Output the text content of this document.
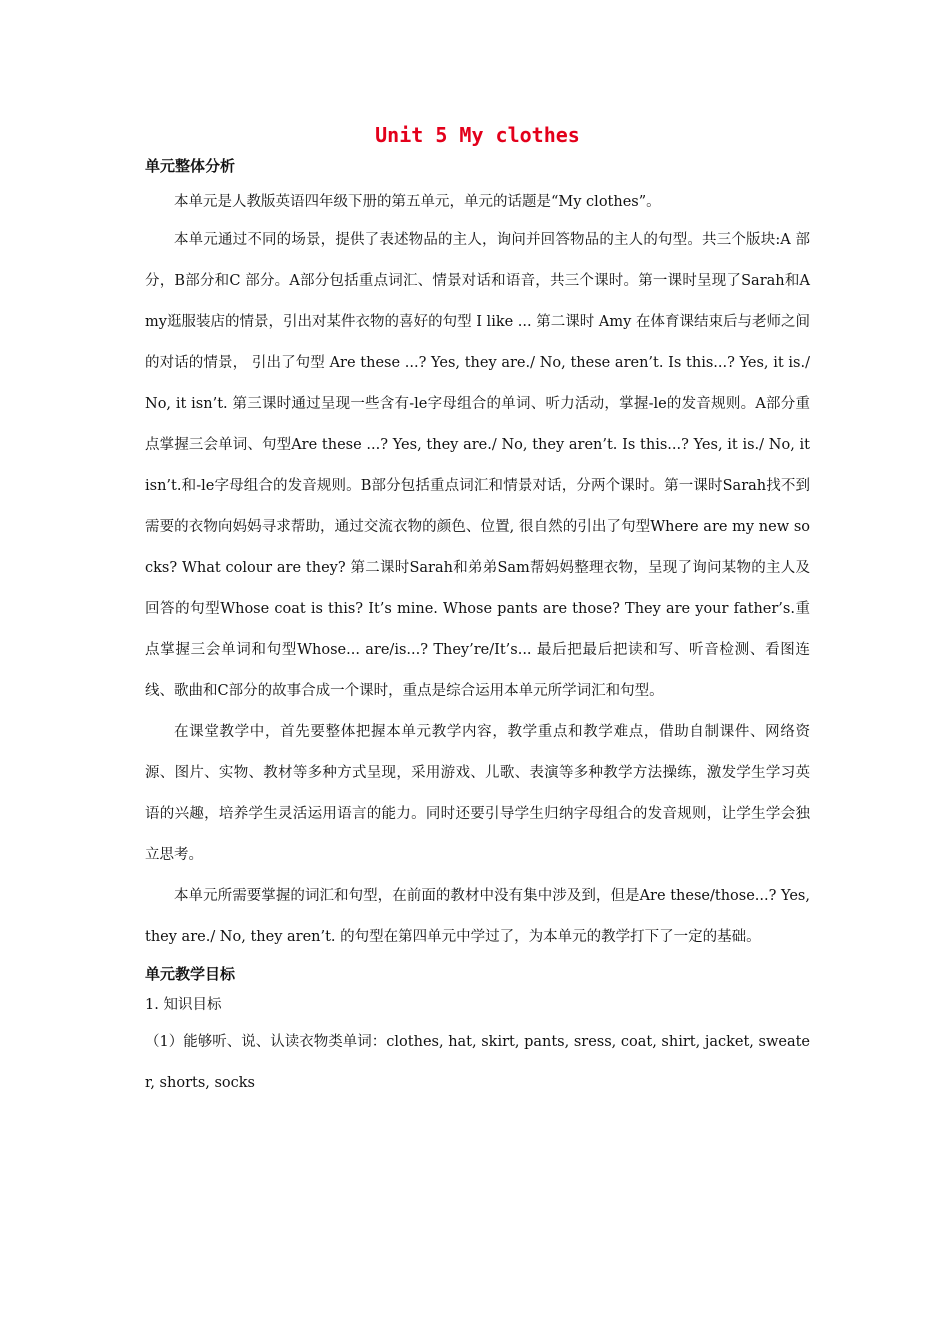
Unit 5 My clothes
单元整体分析

本单元是人教版英语四年级下册的第五单元，单元的话题是“My clothes”。

本单元通过不同的场景，提供了表述物品的主人，询问并回答物品的主人的句型。共三个版块:A 部分，B部分和C 部分。A部分包括重点词汇、情景对话和语音，共三个课时。第一课时呈现了Sarah和Amy逛服装店的情景，引出对某件衣物的喜好的句型 I like ... 第二课时 Amy 在体育课结束后与老师之间的对话的情景， 引出了句型 Are these ...? Yes, they are./ No, these aren’t. Is this...? Yes, it is./ No, it isn’t. 第三课时通过呈现一些含有-le字母组合的单词、听力活动，掌握-le的发音规则。A部分重点掌握三会单词、句型Are these ...? Yes, they are./ No, they aren’t. Is this...? Yes, it is./ No, it isn’t.和-le字母组合的发音规则。B部分包括重点词汇和情景对话，分两个课时。第一课时Sarah找不到需要的衣物向妈妈寻求帮助，通过交流衣物的颜色、位置, 很自然的引出了句型Where are my new socks? What colour are they? 第二课时Sarah和弟弟Sam帮妈妈整理衣物，呈现了询问某物的主人及回答的句型Whose coat is this? It’s mine. Whose pants are those? They are your father’s.重点掌握三会单词和句型Whose... are/is...? They’re/It’s... 最后把最后把读和写、听音检测、看图连线、歌曲和C部分的故事合成一个课时，重点是综合运用本单元所学词汇和句型。

在课堂教学中，首先要整体把握本单元教学内容，教学重点和教学难点，借助自制课件、网络资源、图片、实物、教材等多种方式呈现，采用游戏、儿歌、表演等多种教学方法操练，激发学生学习英语的兴趣，培养学生灵活运用语言的能力。同时还要引导学生归纳字母组合的发音规则，让学生学会独立思考。

本单元所需要掌握的词汇和句型，在前面的教材中没有集中涉及到，但是Are these/those...? Yes, they are./ No, they aren’t. 的句型在第四单元中学过了，为本单元的教学打下了一定的基础。

单元教学目标

1. 知识目标

（1）能够听、说、认读衣物类单词：clothes, hat, skirt, pants, sress, coat, shirt, jacket, sweater, shorts, socks
